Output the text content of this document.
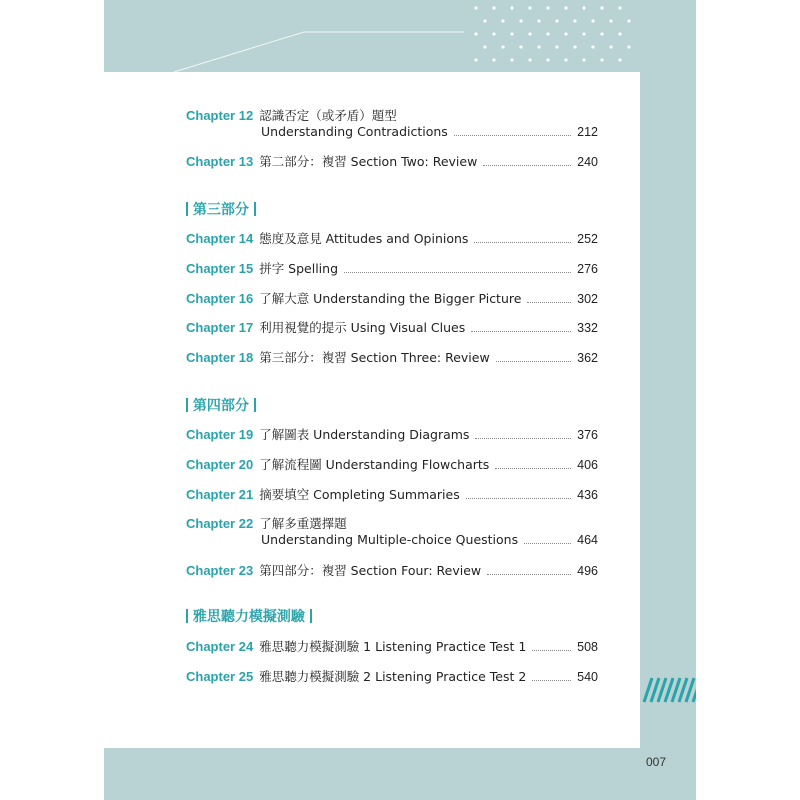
Chapter 12 認識否定（或矛盾）題型
Understanding Contradictions	212
Chapter 13 第二部分：複習 Section Two: Review	240
第三部分
Chapter 14 態度及意見 Attitudes and Opinions	252
Chapter 15 拼字 Spelling	276
Chapter 16 了解大意 Understanding the Bigger Picture	302
Chapter 17 利用視覺的提示 Using Visual Clues	332
Chapter 18 第三部分：複習 Section Three: Review	362
第四部分
Chapter 19 了解圖表 Understanding Diagrams	376
Chapter 20 了解流程圖 Understanding Flowcharts	406
Chapter 21 摘要填空 Completing Summaries	436
Chapter 22 了解多重選擇題
Understanding Multiple-choice Questions	464
Chapter 23 第四部分：複習 Section Four: Review	496
雅思聽力模擬測驗
Chapter 24 雅思聽力模擬測驗 1 Listening Practice Test 1	508
Chapter 25 雅思聽力模擬測驗 2 Listening Practice Test 2	540
007
